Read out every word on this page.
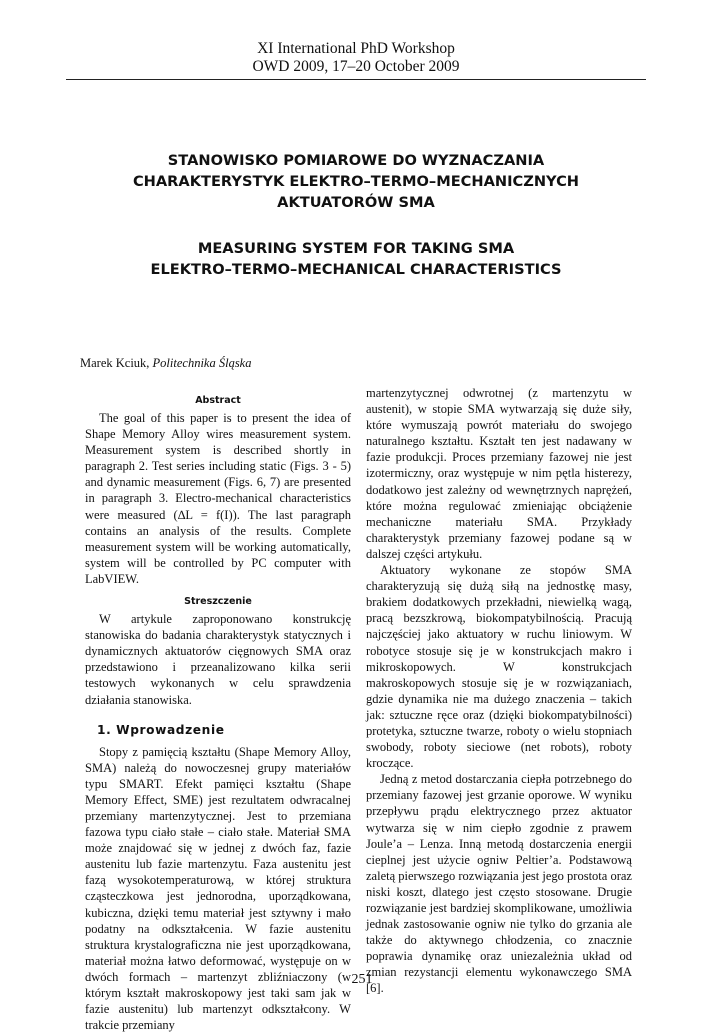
XI International PhD Workshop
OWD 2009, 17–20 October 2009
STANOWISKO POMIAROWE DO WYZNACZANIA
CHARAKTERYSTYK ELEKTRO–TERMO–MECHANICZNYCH
AKTUATORÓW SMA
MEASURING SYSTEM FOR TAKING SMA
ELEKTRO–TERMO–MECHANICAL CHARACTERISTICS
Marek Kciuk, Politechnika Śląska
Abstract

The goal of this paper is to present the idea of Shape Memory Alloy wires measurement system. Measurement system is described shortly in paragraph 2. Test series including static (Figs. 3 - 5) and dynamic measurement (Figs. 6, 7) are presented in paragraph 3. Electro-mechanical characteristics were measured (∆L = f(I)). The last paragraph contains an analysis of the results. Complete measurement system will be working automatically, system will be controlled by PC computer with LabVIEW.

Streszczenie

W artykule zaproponowano konstrukcję stanowiska do badania charakterystyk statycznych i dynamicznych aktuatorów cięgnowych SMA oraz przedstawiono i przeanalizowano kilka serii testowych wykonanych w celu sprawdzenia działania stanowiska.

1. Wprowadzenie

Stopy z pamięcią kształtu (Shape Memory Alloy, SMA) należą do nowoczesnej grupy materiałów typu SMART. Efekt pamięci kształtu (Shape Memory Effect, SME) jest rezultatem odwracalnej przemiany martenzytycznej. Jest to przemiana fazowa typu ciało stałe – ciało stałe. Materiał SMA może znajdować się w jednej z dwóch faz, fazie austenitu lub fazie martenzytu. Faza austenitu jest fazą wysokotemperaturową, w której struktura cząsteczkowa jest jednorodna, uporządkowana, kubiczna, dzięki temu materiał jest sztywny i mało podatny na odkształcenia. W fazie austenitu struktura krystalograficzna nie jest uporządkowana, materiał można łatwo deformować, występuje on w dwóch formach – martenzyt zbliźniaczony (w którym kształt makroskopowy jest taki sam jak w fazie austenitu) lub martenzyt odkształcony. W trakcie przemiany

martenzytycznej odwrotnej (z martenzytu w austenit), w stopie SMA wytwarzają się duże siły, które wymuszają powrót materiału do swojego naturalnego kształtu. Kształt ten jest nadawany w fazie produkcji. Proces przemiany fazowej nie jest izotermiczny, oraz występuje w nim pętla histerezy, dodatkowo jest zależny od wewnętrznych naprężeń, które można regulować zmieniając obciążenie mechaniczne materiału SMA. Przykłady charakterystyk przemiany fazowej podane są w dalszej części artykułu.

Aktuatory wykonane ze stopów SMA charakteryzują się dużą siłą na jednostkę masy, brakiem dodatkowych przekładni, niewielką wagą, pracą bezszkrową, biokompatybilnością. Pracują najczęściej jako aktuatory w ruchu liniowym. W robotyce stosuje się je w konstrukcjach makro i mikroskopowych. W konstrukcjach makroskopowych stosuje się je w rozwiązaniach, gdzie dynamika nie ma dużego znaczenia – takich jak: sztuczne ręce oraz (dzięki biokompatybilności) protetyka, sztuczne twarze, roboty o wielu stopniach swobody, roboty sieciowe (net robots), roboty kroczące.

Jedną z metod dostarczania ciepła potrzebnego do przemiany fazowej jest grzanie oporowe. W wyniku przepływu prądu elektrycznego przez aktuator wytwarza się w nim ciepło zgodnie z prawem Joule’a – Lenza. Inną metodą dostarczenia energii cieplnej jest użycie ogniw Peltier’a. Podstawową zaletą pierwszego rozwiązania jest jego prostota oraz niski koszt, dlatego jest często stosowane. Drugie rozwiązanie jest bardziej skomplikowane, umożliwia jednak zastosowanie ogniw nie tylko do grzania ale także do aktywnego chłodzenia, co znacznie poprawia dynamikę oraz uniezależnia układ od zmian rezystancji elementu wykonawczego SMA [6].

251
